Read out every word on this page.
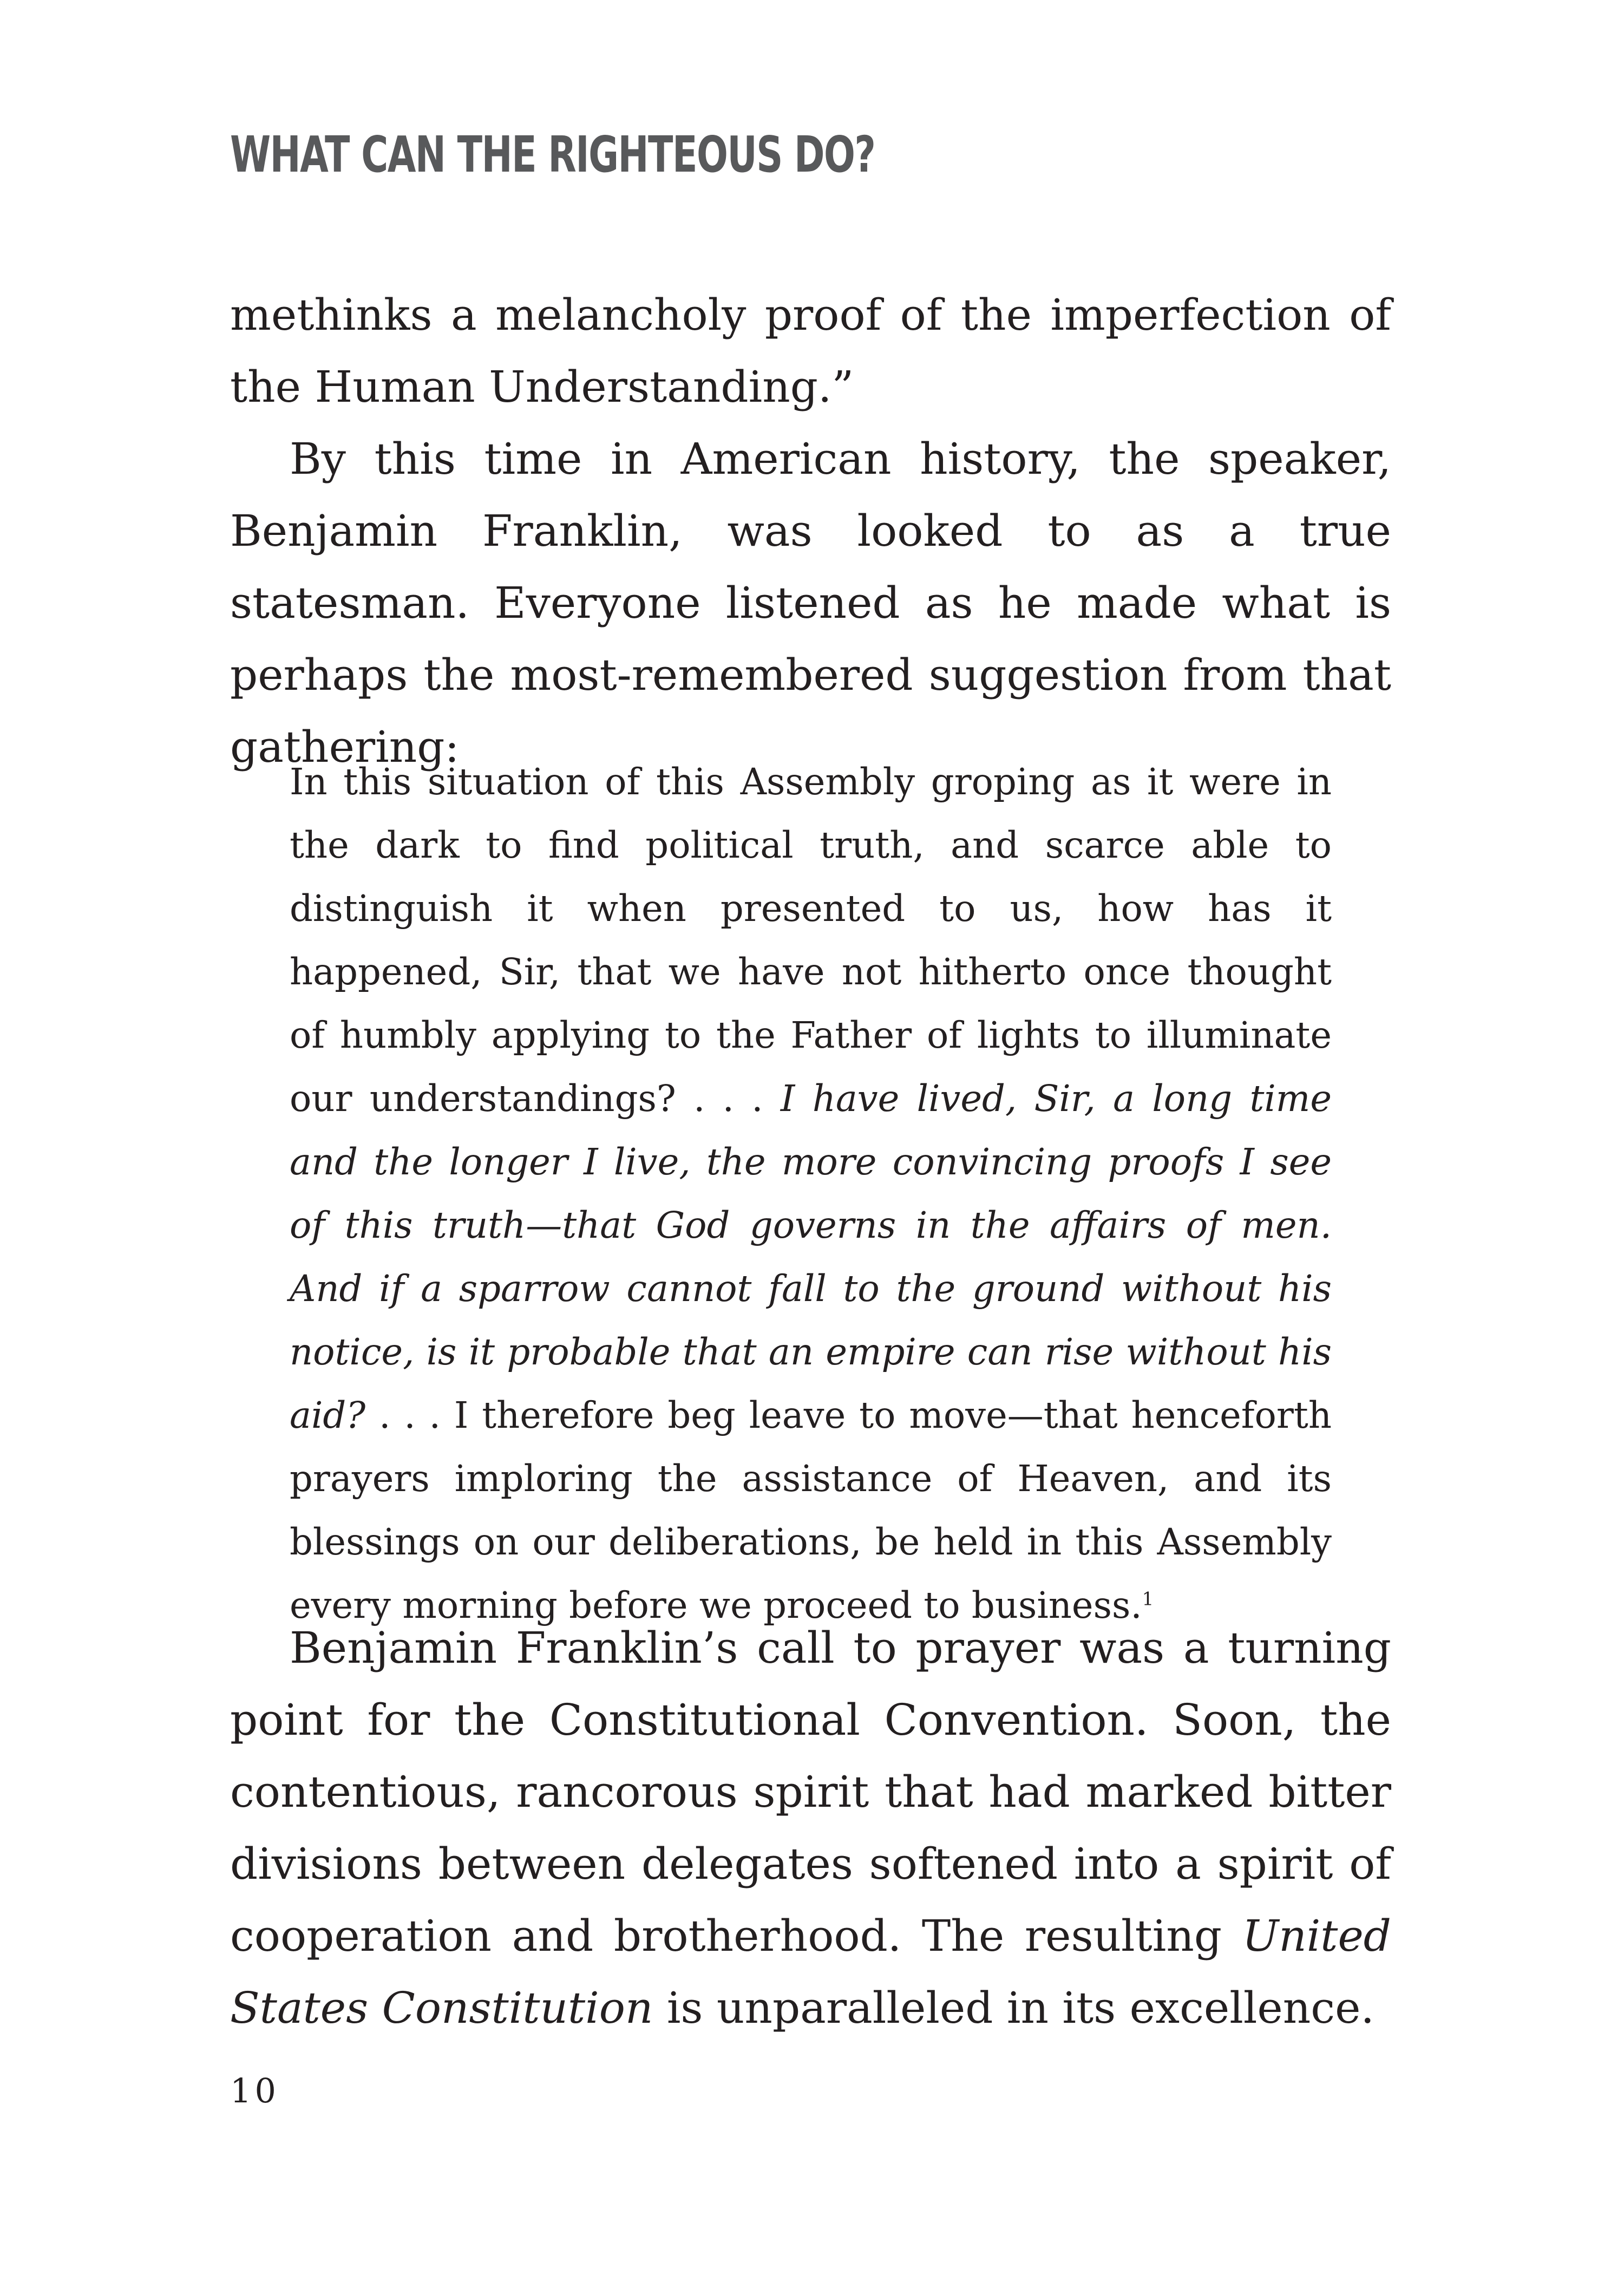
WHAT CAN THE RIGHTEOUS DO?

methinks a melancholy proof of the imperfection of the Human Understanding.”

By this time in American history, the speaker, Benjamin Franklin, was looked to as a true statesman. Everyone listened as he made what is perhaps the most-remembered suggestion from that gathering:

In this situation of this Assembly groping as it were in the dark to find political truth, and scarce able to distinguish it when presented to us, how has it happened, Sir, that we have not hitherto once thought of humbly applying to the Father of lights to illuminate our understandings? . . . I have lived, Sir, a long time and the longer I live, the more convincing proofs I see of this truth—that God governs in the affairs of men. And if a sparrow cannot fall to the ground without his notice, is it probable that an empire can rise without his aid? . . . I therefore beg leave to move—that henceforth prayers imploring the assistance of Heaven, and its blessings on our deliberations, be held in this Assembly every morning before we proceed to business.$^1$

Benjamin Franklin’s call to prayer was a turning point for the Constitutional Convention. Soon, the contentious, rancorous spirit that had marked bitter divisions between delegates softened into a spirit of cooperation and brotherhood. The resulting United States Constitution is unparalleled in its excellence.

10
